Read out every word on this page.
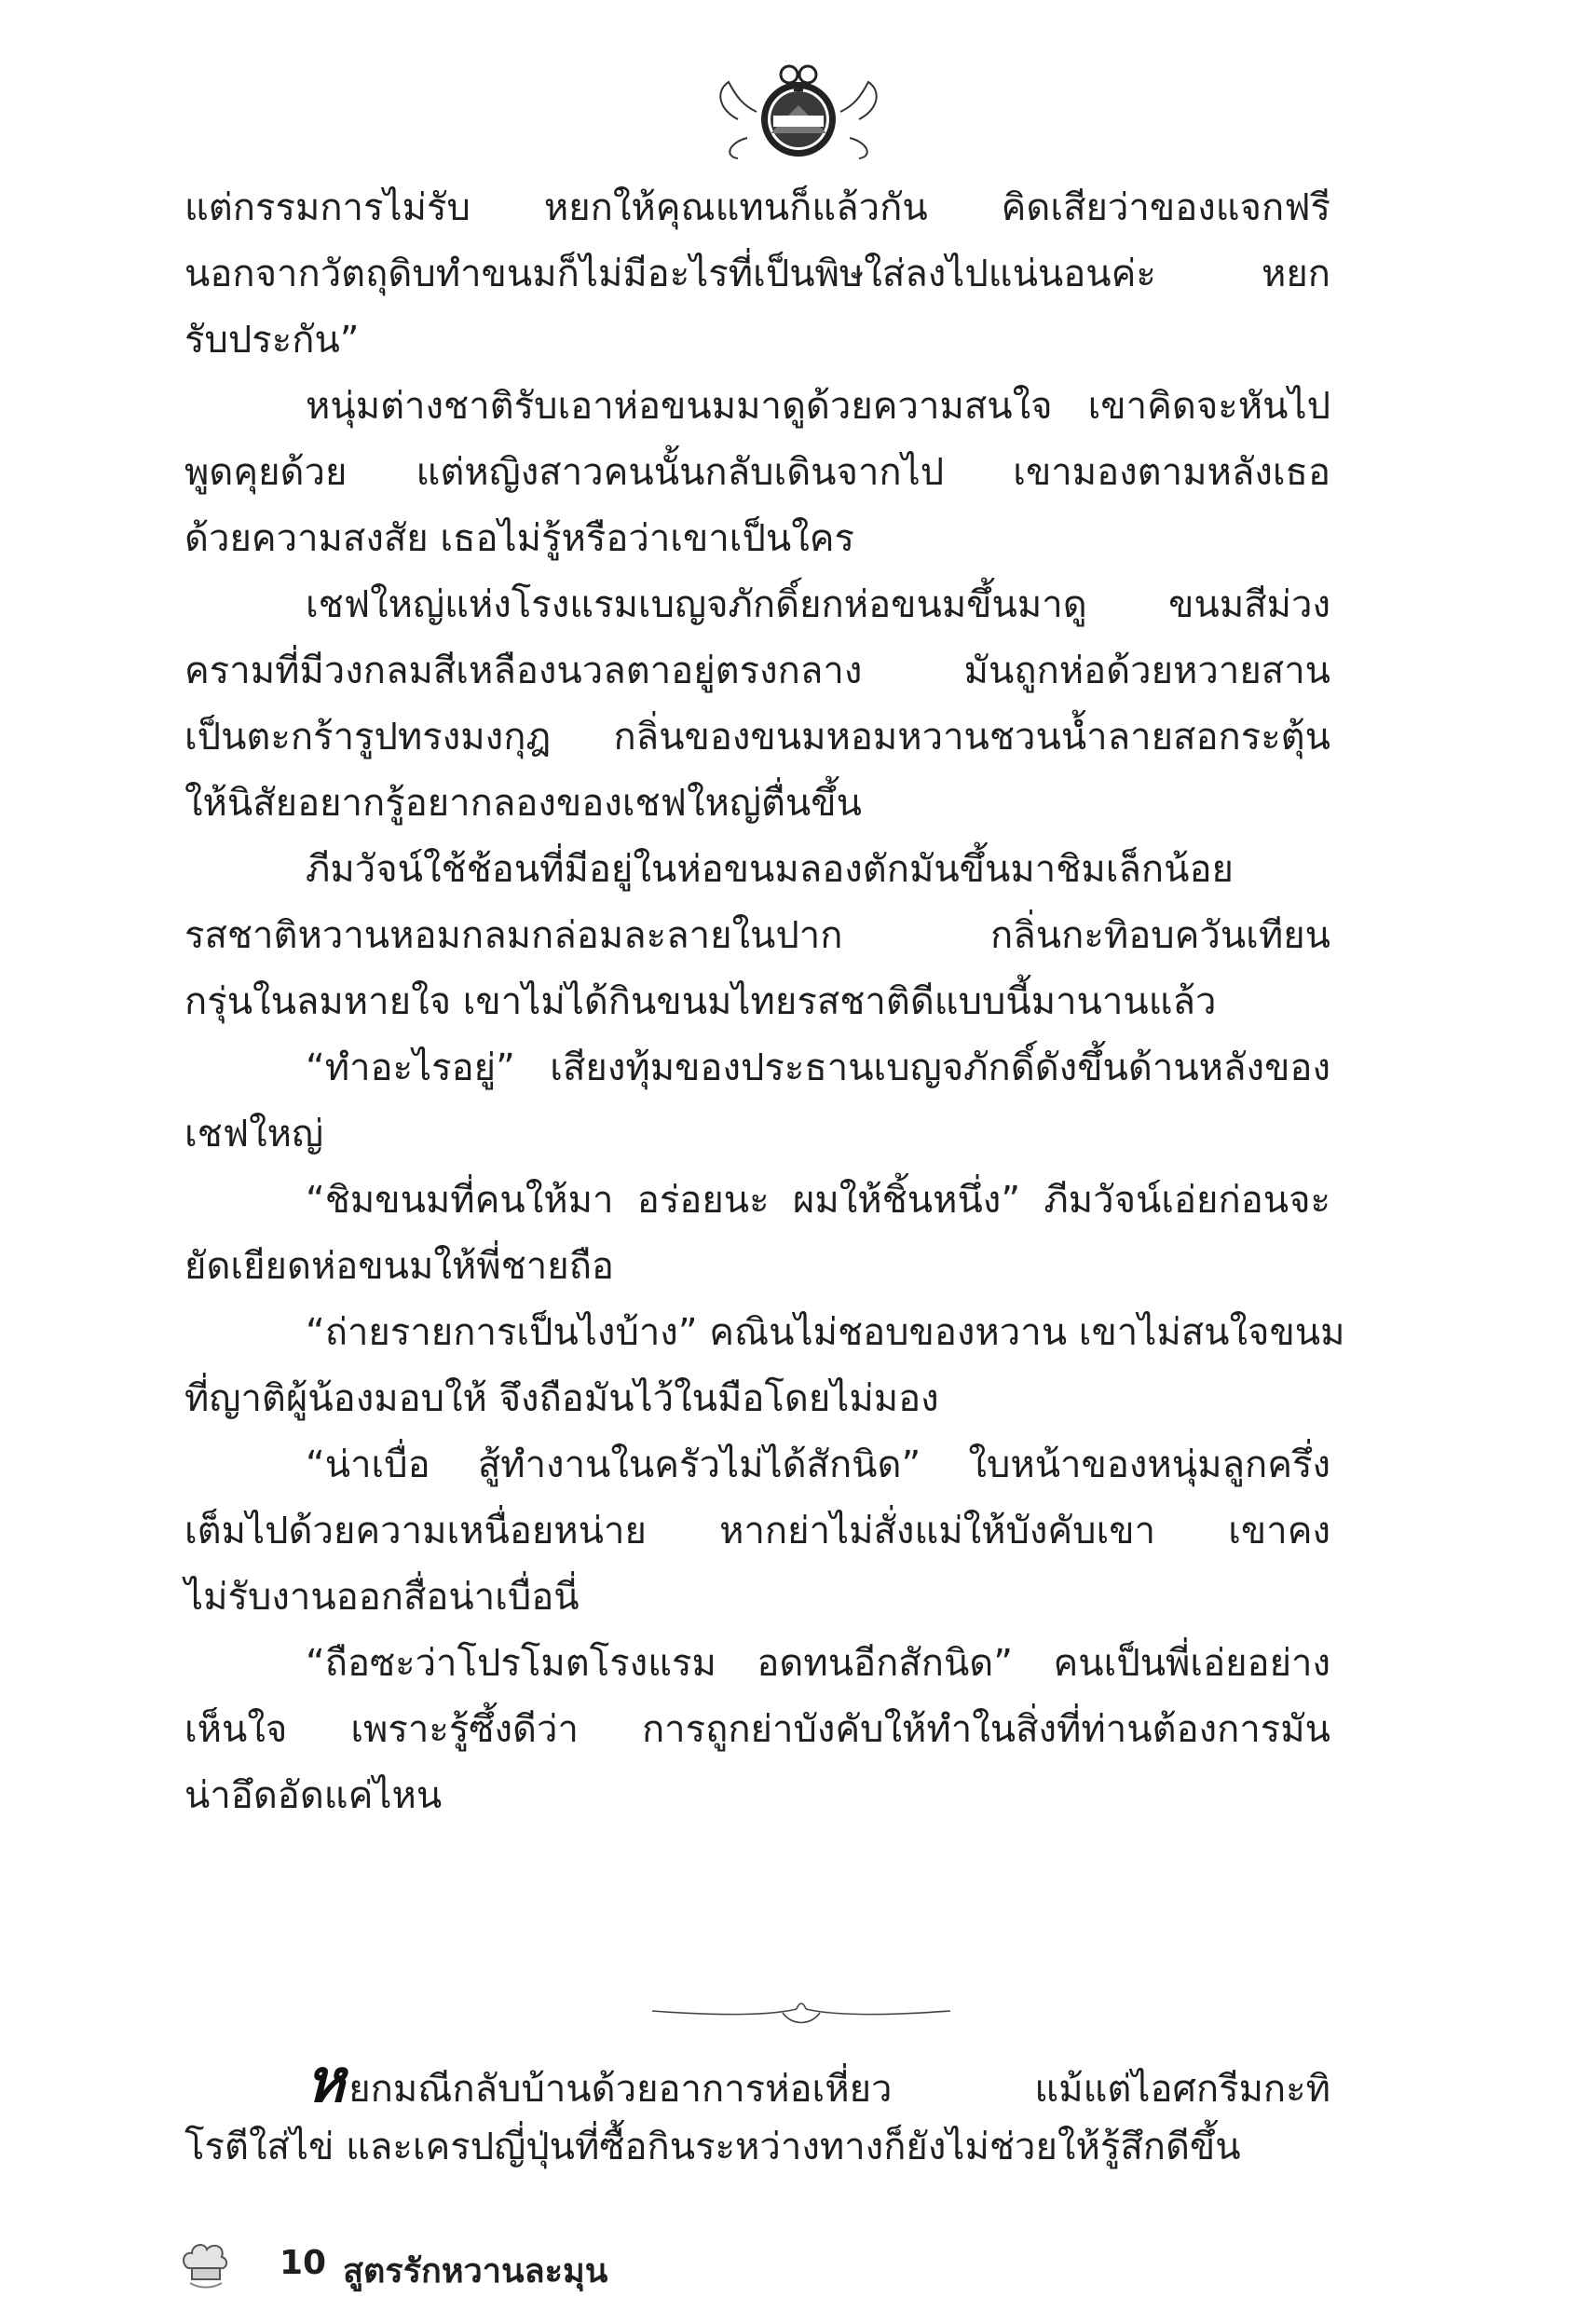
แต่กรรมการไม่รับ หยกให้คุณแทนก็แล้วกัน คิดเสียว่าของแจกฟรี
นอกจากวัตถุดิบทำขนมก็ไม่มีอะไรที่เป็นพิษใส่ลงไปแน่นอนค่ะ หยก
รับประกัน”
หนุ่มต่างชาติรับเอาห่อขนมมาดูด้วยความสนใจ เขาคิดจะหันไป
พูดคุยด้วย แต่หญิงสาวคนนั้นกลับเดินจากไป เขามองตามหลังเธอ
ด้วยความสงสัย เธอไม่รู้หรือว่าเขาเป็นใคร
เชฟใหญ่แห่งโรงแรมเบญจภักดิ์ยกห่อขนมขึ้นมาดู ขนมสีม่วง
ครามที่มีวงกลมสีเหลืองนวลตาอยู่ตรงกลาง มันถูกห่อด้วยหวายสาน
เป็นตะกร้ารูปทรงมงกุฎ กลิ่นของขนมหอมหวานชวนน้ำลายสอกระตุ้น
ให้นิสัยอยากรู้อยากลองของเชฟใหญ่ตื่นขึ้น
ภีมวัจน์ใช้ช้อนที่มีอยู่ในห่อขนมลองตักมันขึ้นมาชิมเล็กน้อย
รสชาติหวานหอมกลมกล่อมละลายในปาก กลิ่นกะทิอบควันเทียน
กรุ่นในลมหายใจ เขาไม่ได้กินขนมไทยรสชาติดีแบบนี้มานานแล้ว
“ทำอะไรอยู่” เสียงทุ้มของประธานเบญจภักดิ์ดังขึ้นด้านหลังของ
เชฟใหญ่
“ชิมขนมที่คนให้มา อร่อยนะ ผมให้ชิ้นหนึ่ง” ภีมวัจน์เอ่ยก่อนจะ
ยัดเยียดห่อขนมให้พี่ชายถือ
“ถ่ายรายการเป็นไงบ้าง” คณินไม่ชอบของหวาน เขาไม่สนใจขนม
ที่ญาติผู้น้องมอบให้ จึงถือมันไว้ในมือโดยไม่มอง
“น่าเบื่อ สู้ทำงานในครัวไม่ได้สักนิด” ใบหน้าของหนุ่มลูกครึ่ง
เต็มไปด้วยความเหนื่อยหน่าย หากย่าไม่สั่งแม่ให้บังคับเขา เขาคง
ไม่รับงานออกสื่อน่าเบื่อนี่
“ถือซะว่าโปรโมตโรงแรม อดทนอีกสักนิด” คนเป็นพี่เอ่ยอย่าง
เห็นใจ เพราะรู้ซึ้งดีว่า การถูกย่าบังคับให้ทำในสิ่งที่ท่านต้องการมัน
น่าอึดอัดแค่ไหน
หยกมณีกลับบ้านด้วยอาการห่อเหี่ยว แม้แต่ไอศกรีมกะทิ
โรตีใส่ไข่ และเครปญี่ปุ่นที่ซื้อกินระหว่างทางก็ยังไม่ช่วยให้รู้สึกดีขึ้น
10 สูตรรักหวานละมุน
